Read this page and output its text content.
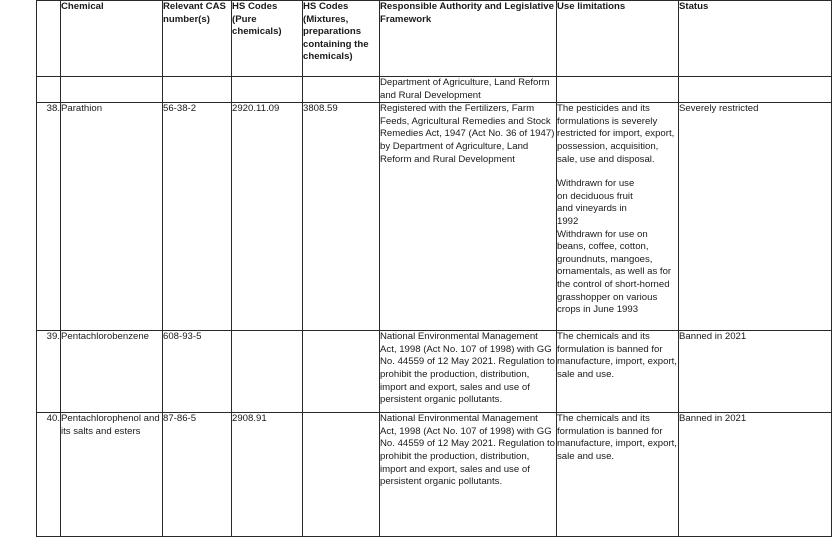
	Chemical	Relevant CAS number(s)	HS Codes (Pure chemicals)	HS Codes (Mixtures, preparations containing the chemicals)	Responsible Authority and Legislative Framework	Use limitations	Status
					Department of Agriculture, Land Reform and Rural Development		
38.	Parathion	56-38-2	2920.11.09	3808.59	Registered with the Fertilizers, Farm Feeds, Agricultural Remedies and Stock Remedies Act, 1947 (Act No. 36 of 1947) by Department of Agriculture, Land Reform and Rural Development	The pesticides and its formulations is severely restricted for import, export, possession, acquisition, sale, use and disposal.
Withdrawn for use on deciduous fruit and vineyards in 1992
Withdrawn for use on beans, coffee, cotton, groundnuts, mangoes, ornamentals, as well as for the control of short-horned grasshopper on various crops in June 1993	Severely restricted
39.	Pentachlorobenzene	608-93-5			National Environmental Management Act, 1998 (Act No. 107 of 1998) with GG No. 44559 of 12 May 2021. Regulation to prohibit the production, distribution, import and export, sales and use of persistent organic pollutants.	The chemicals and its formulation is banned for manufacture, import, export, sale and use.	Banned in 2021
40.	Pentachlorophenol and its salts and esters	87-86-5	2908.91		National Environmental Management Act, 1998 (Act No. 107 of 1998) with GG No. 44559 of 12 May 2021. Regulation to prohibit the production, distribution, import and export, sales and use of persistent organic pollutants.	The chemicals and its formulation is banned for manufacture, import, export, sale and use.	Banned in 2021
